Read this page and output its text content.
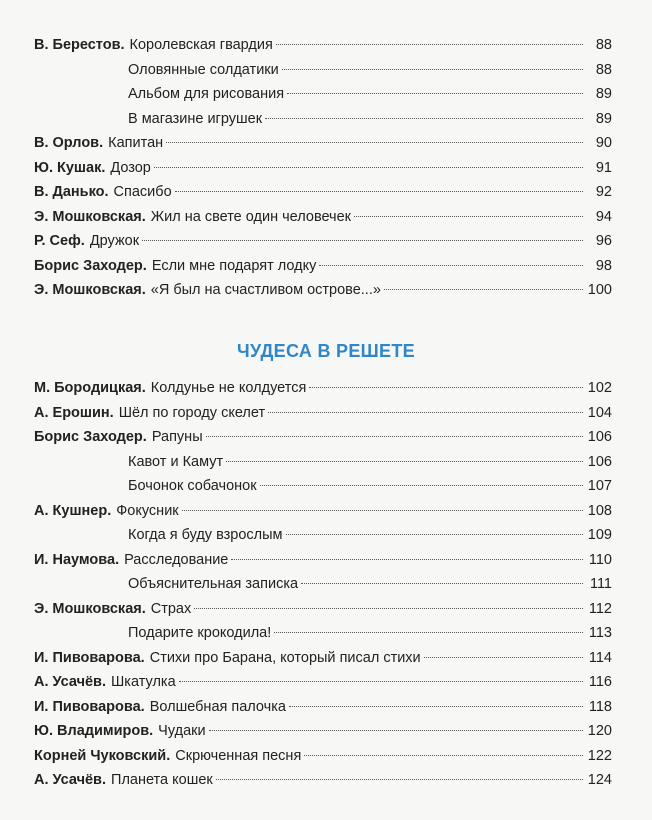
В. Берестов. Королевская гвардия	88
Оловянные солдатики	88
Альбом для рисования	89
В магазине игрушек	89
В. Орлов. Капитан	90
Ю. Кушак. Дозор	91
В. Данько. Спасибо	92
Э. Мошковская. Жил на свете один человечек	94
Р. Сеф. Дружок	96
Борис Заходер. Если мне подарят лодку	98
Э. Мошковская. «Я был на счастливом острове...»	100
ЧУДЕСА В РЕШЕТЕ
М. Бородицкая. Колдунье не колдуется	102
А. Ерошин. Шёл по городу скелет	104
Борис Заходер. Рапуны	106
Кавот и Камут	106
Бочонок собачонок	107
А. Кушнер. Фокусник	108
Когда я буду взрослым	109
И. Наумова. Расследование	110
Объяснительная записка	111
Э. Мошковская. Страх	112
Подарите крокодила!	113
И. Пивоварова. Стихи про Барана, который писал стихи	114
А. Усачёв. Шкатулка	116
И. Пивоварова. Волшебная палочка	118
Ю. Владимиров. Чудаки	120
Корней Чуковский. Скрюченная песня	122
А. Усачёв. Планета кошек	124
